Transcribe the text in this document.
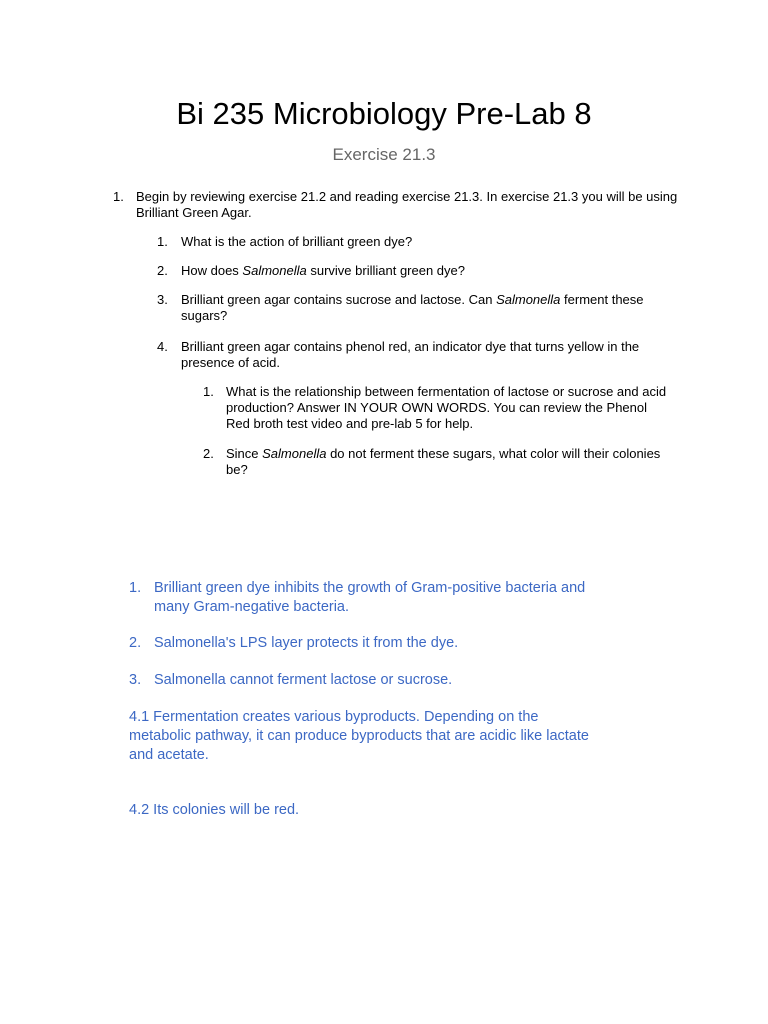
Bi 235 Microbiology Pre-Lab 8
Exercise 21.3
1. Begin by reviewing exercise 21.2 and reading exercise 21.3. In exercise 21.3 you will be using Brilliant Green Agar.
1. What is the action of brilliant green dye?
2. How does Salmonella survive brilliant green dye?
3. Brilliant green agar contains sucrose and lactose. Can Salmonella ferment these sugars?
4. Brilliant green agar contains phenol red, an indicator dye that turns yellow in the presence of acid.
1. What is the relationship between fermentation of lactose or sucrose and acid production? Answer IN YOUR OWN WORDS. You can review the Phenol Red broth test video and pre-lab 5 for help.
2. Since Salmonella do not ferment these sugars, what color will their colonies be?
1. Brilliant green dye inhibits the growth of Gram-positive bacteria and many Gram-negative bacteria.
2. Salmonella's LPS layer protects it from the dye.
3. Salmonella cannot ferment lactose or sucrose.
4.1 Fermentation creates various byproducts. Depending on the metabolic pathway, it can produce byproducts that are acidic like lactate and acetate.
4.2 Its colonies will be red.
